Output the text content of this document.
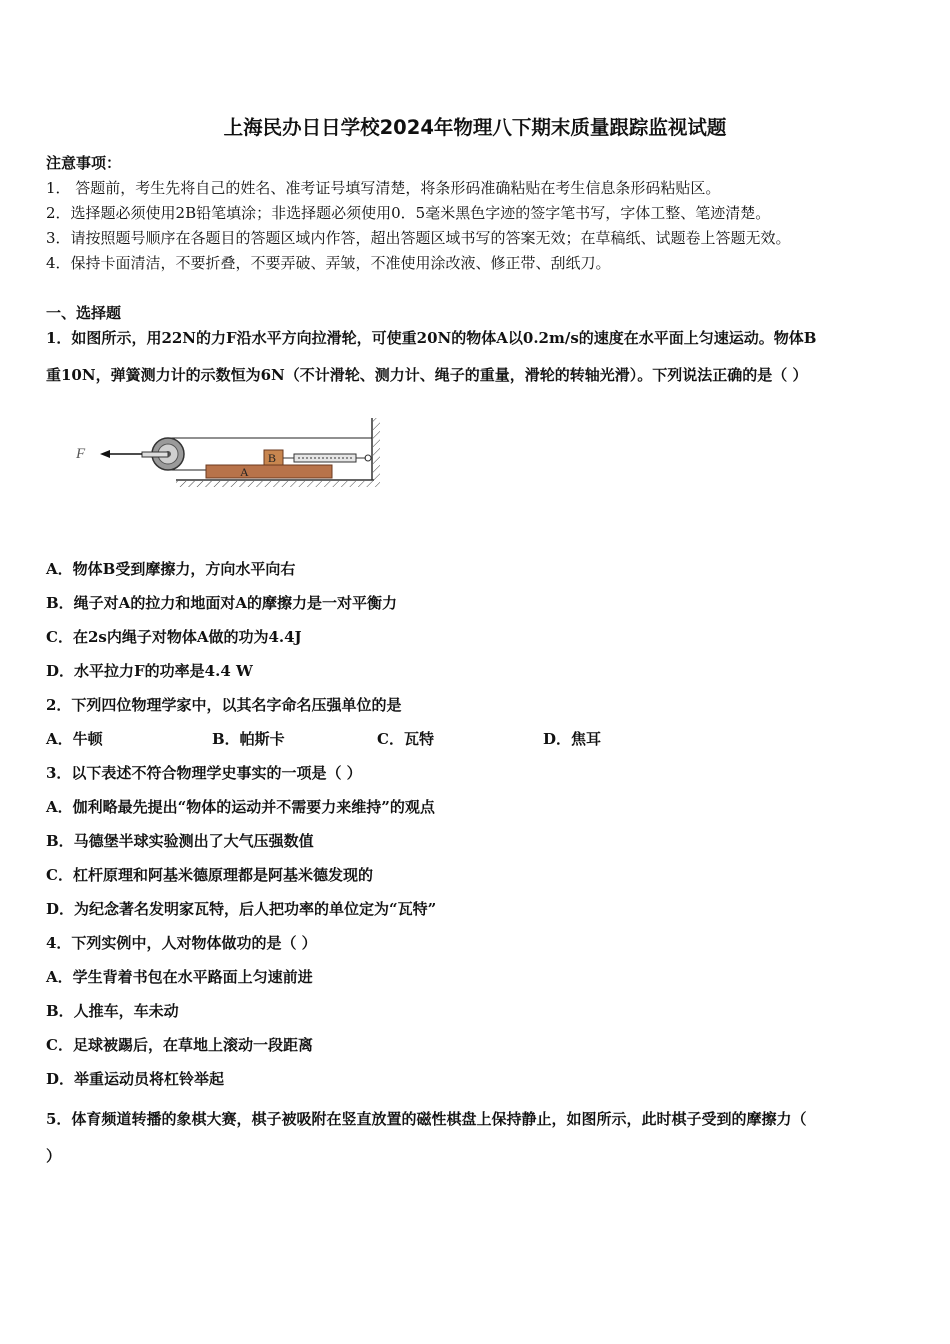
上海民办日日学校2024年物理八下期末质量跟踪监视试题
注意事项：
1． 答题前，考生先将自己的姓名、准考证号填写清楚，将条形码准确粘贴在考生信息条形码粘贴区。
2．选择题必须使用2B铅笔填涂；非选择题必须使用0．5毫米黑色字迹的签字笔书写，字体工整、笔迹清楚。
3．请按照题号顺序在各题目的答题区域内作答，超出答题区域书写的答案无效；在草稿纸、试题卷上答题无效。
4．保持卡面清洁，不要折叠，不要弄破、弄皱，不准使用涂改液、修正带、刮纸刀。
一、选择题
1．如图所示，用22N的力F沿水平方向拉滑轮，可使重20N的物体A以0.2m/s的速度在水平面上匀速运动。物体B
重10N，弹簧测力计的示数恒为6N（不计滑轮、测力计、绳子的重量，滑轮的转轴光滑）。下列说法正确的是（ ）
A
B
F
A．物体B受到摩擦力，方向水平向右
B．绳子对A的拉力和地面对A的摩擦力是一对平衡力
C．在2s内绳子对物体A做的功为4.4J
D．水平拉力F的功率是4.4 W
2．下列四位物理学家中，以其名字命名压强单位的是
A．牛顿	B．帕斯卡	C．瓦特	D．焦耳
3．以下表述不符合物理学史事实的一项是（ ）
A．伽利略最先提出“物体的运动并不需要力来维持”的观点
B．马德堡半球实验测出了大气压强数值
C．杠杆原理和阿基米德原理都是阿基米德发现的
D．为纪念著名发明家瓦特，后人把功率的单位定为“瓦特”
4．下列实例中，人对物体做功的是（ ）
A．学生背着书包在水平路面上匀速前进
B．人推车，车未动
C．足球被踢后，在草地上滚动一段距离
D．举重运动员将杠铃举起
5．体育频道转播的象棋大赛，棋子被吸附在竖直放置的磁性棋盘上保持静止，如图所示，此时棋子受到的摩擦力（
）
